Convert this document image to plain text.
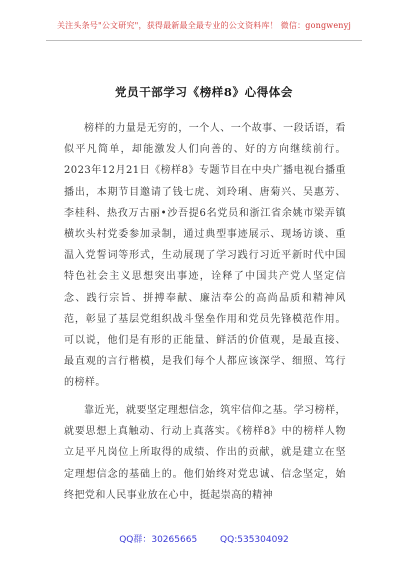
关注头条号"公文研究"，获得最新最全最专业的公文资料库！ 微信：gongwenyj
党员干部学习《榜样8》心得体会

榜样的力量是无穷的，一个人、一个故事、一段话语，看似平凡简单，却能激发人们向善的、好的方向继续前行。2023年12月21日《榜样8》专题节目在中央广播电视台播重播出，本期节目邀请了钱七虎、刘玲琍、唐菊兴、吴惠芳、李桂科、热孜万古丽•沙吾提6名党员和浙江省余姚市梁弄镇横坎头村党委参加录制，通过典型事迹展示、现场访谈、重温入党誓词等形式，生动展现了学习践行习近平新时代中国特色社会主义思想突出事迹，诠释了中国共产党人坚定信念、践行宗旨、拼搏奉献、廉洁奉公的高尚品质和精神风范，彰显了基层党组织战斗堡垒作用和党员先锋模范作用。可以说，他们是有形的正能量、鲜活的价值观，是最直接、最直观的言行楷模，是我们每个人都应该深学、细照、笃行的榜样。

靠近光，就要坚定理想信念，筑牢信仰之基。学习榜样，就要思想上真触动、行动上真落实。《榜样8》中的榜样人物立足平凡岗位上所取得的成绩、作出的贡献，就是建立在坚定理想信念的基础上的。他们始终对党忠诚、信念坚定，始终把党和人民事业放在心中，挺起崇高的精神

QQ群：30265665	QQ:535304092
